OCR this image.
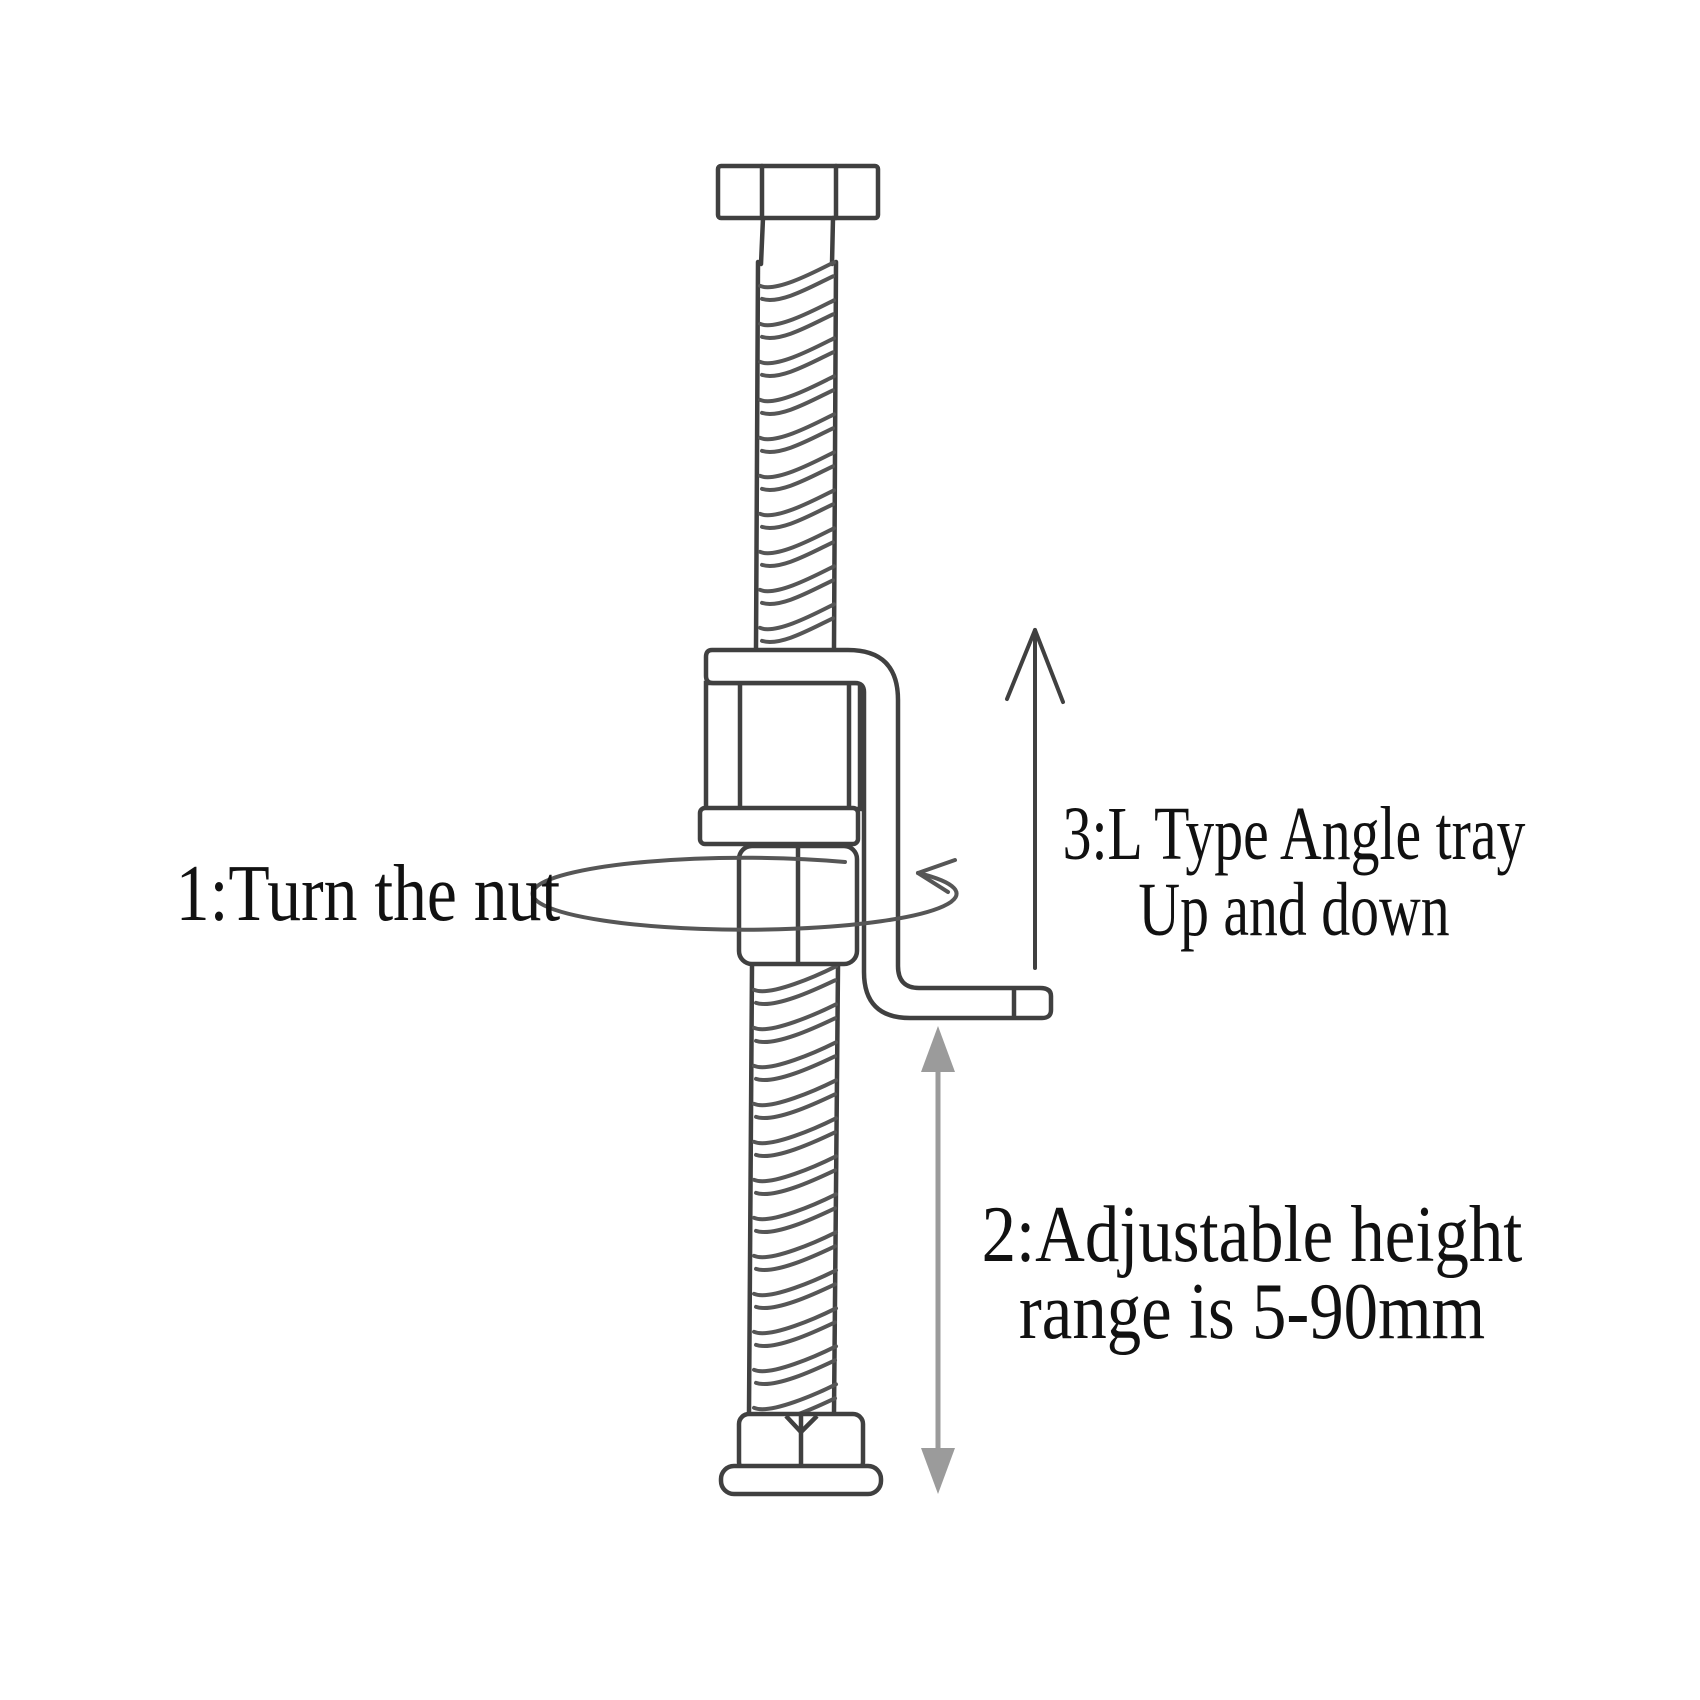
1:Turn the nut
3:L Type Angle tray
Up and down
2:Adjustable height
range is 5-90mm
